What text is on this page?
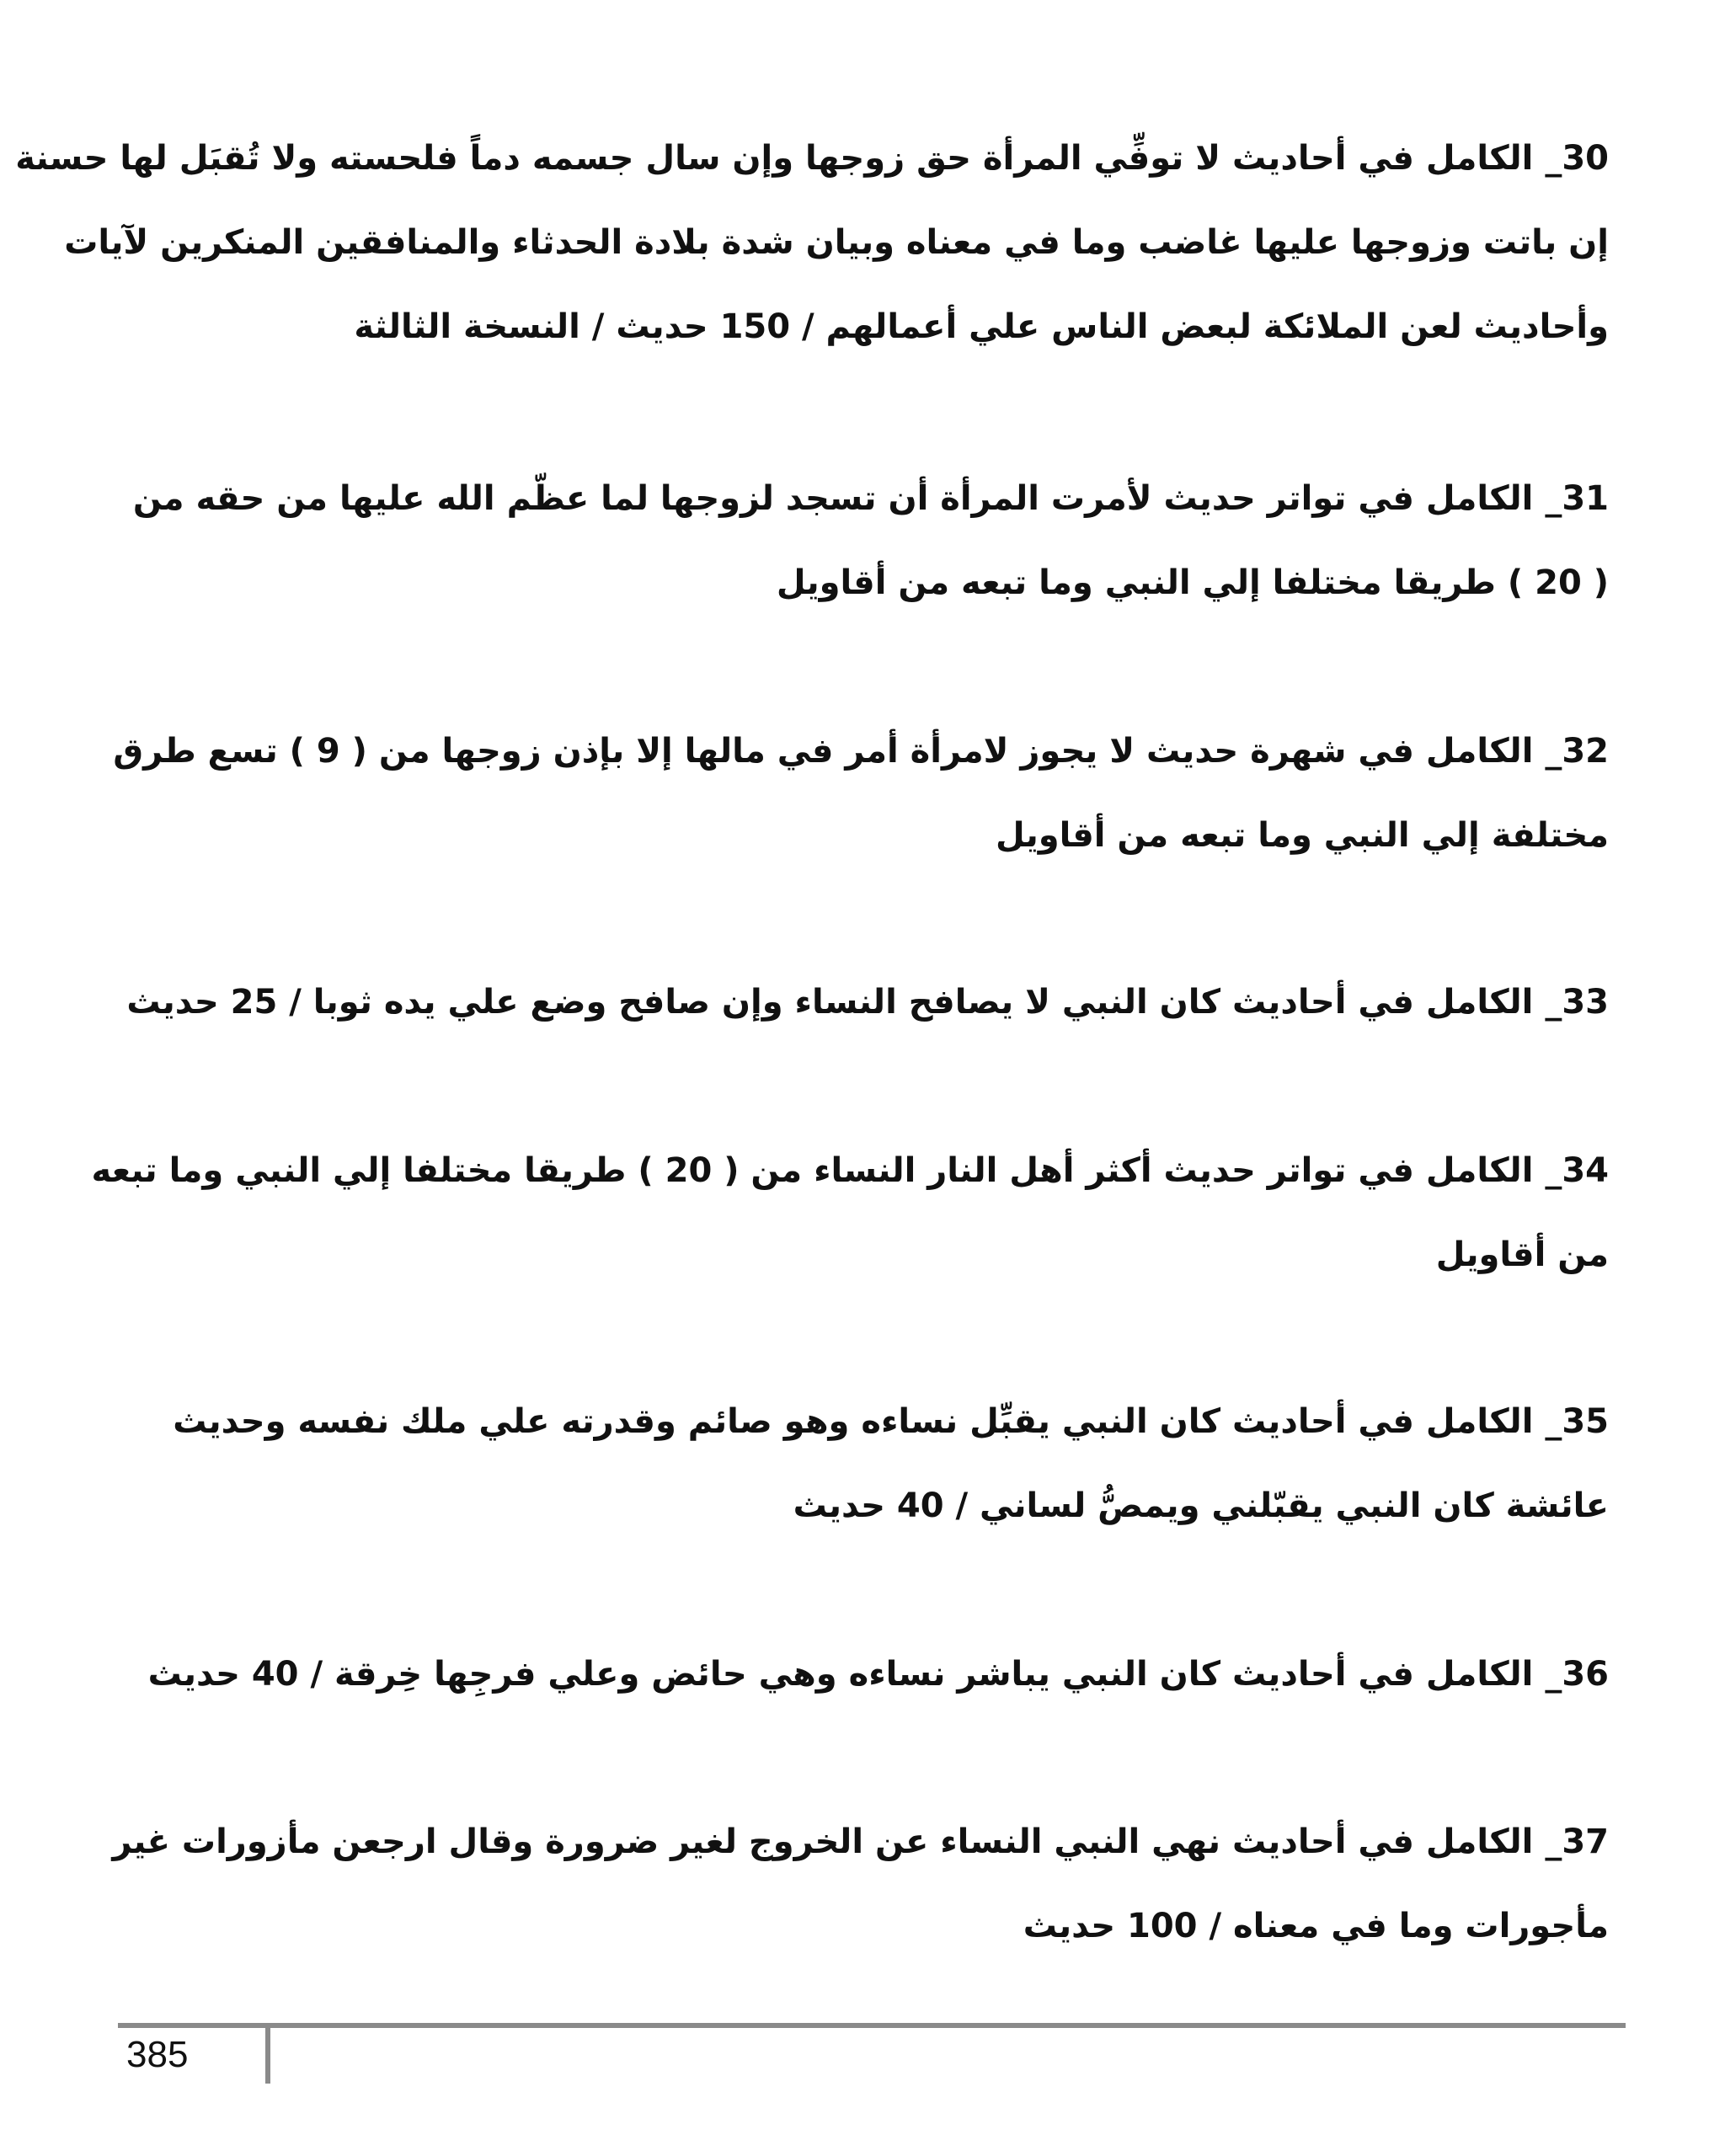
30_ الكامل في أحاديث لا توفِّي المرأة حق زوجها وإن سال جسمه دماً فلحسته ولا تُقبَل لها حسنة
إن باتت وزوجها عليها غاضب وما في معناه وبيان شدة بلادة الحدثاء والمنافقين المنكرين لآيات
وأحاديث لعن الملائكة لبعض الناس علي أعمالهم / 150 حديث / النسخة الثالثة
31_ الكامل في تواتر حديث لأمرت المرأة أن تسجد لزوجها لما عظّم الله عليها من حقه من
( 20 ) طريقا مختلفا إلي النبي وما تبعه من أقاويل
32_ الكامل في شهرة حديث لا يجوز لامرأة أمر في مالها إلا بإذن زوجها من ( 9 ) تسع طرق
مختلفة إلي النبي وما تبعه من أقاويل
33_ الكامل في أحاديث كان النبي لا يصافح النساء وإن صافح وضع علي يده ثوبا / 25 حديث
34_ الكامل في تواتر حديث أكثر أهل النار النساء من ( 20 ) طريقا مختلفا إلي النبي وما تبعه
من أقاويل
35_ الكامل في أحاديث كان النبي يقبِّل نساءه وهو صائم وقدرته علي ملك نفسه وحديث
عائشة كان النبي يقبّلني ويمصُّ لساني / 40 حديث
36_ الكامل في أحاديث كان النبي يباشر نساءه وهي حائض وعلي فرجِها خِرقة / 40 حديث
37_ الكامل في أحاديث نهي النبي النساء عن الخروج لغير ضرورة وقال ارجعن مأزورات غير
مأجورات وما في معناه / 100 حديث
385
